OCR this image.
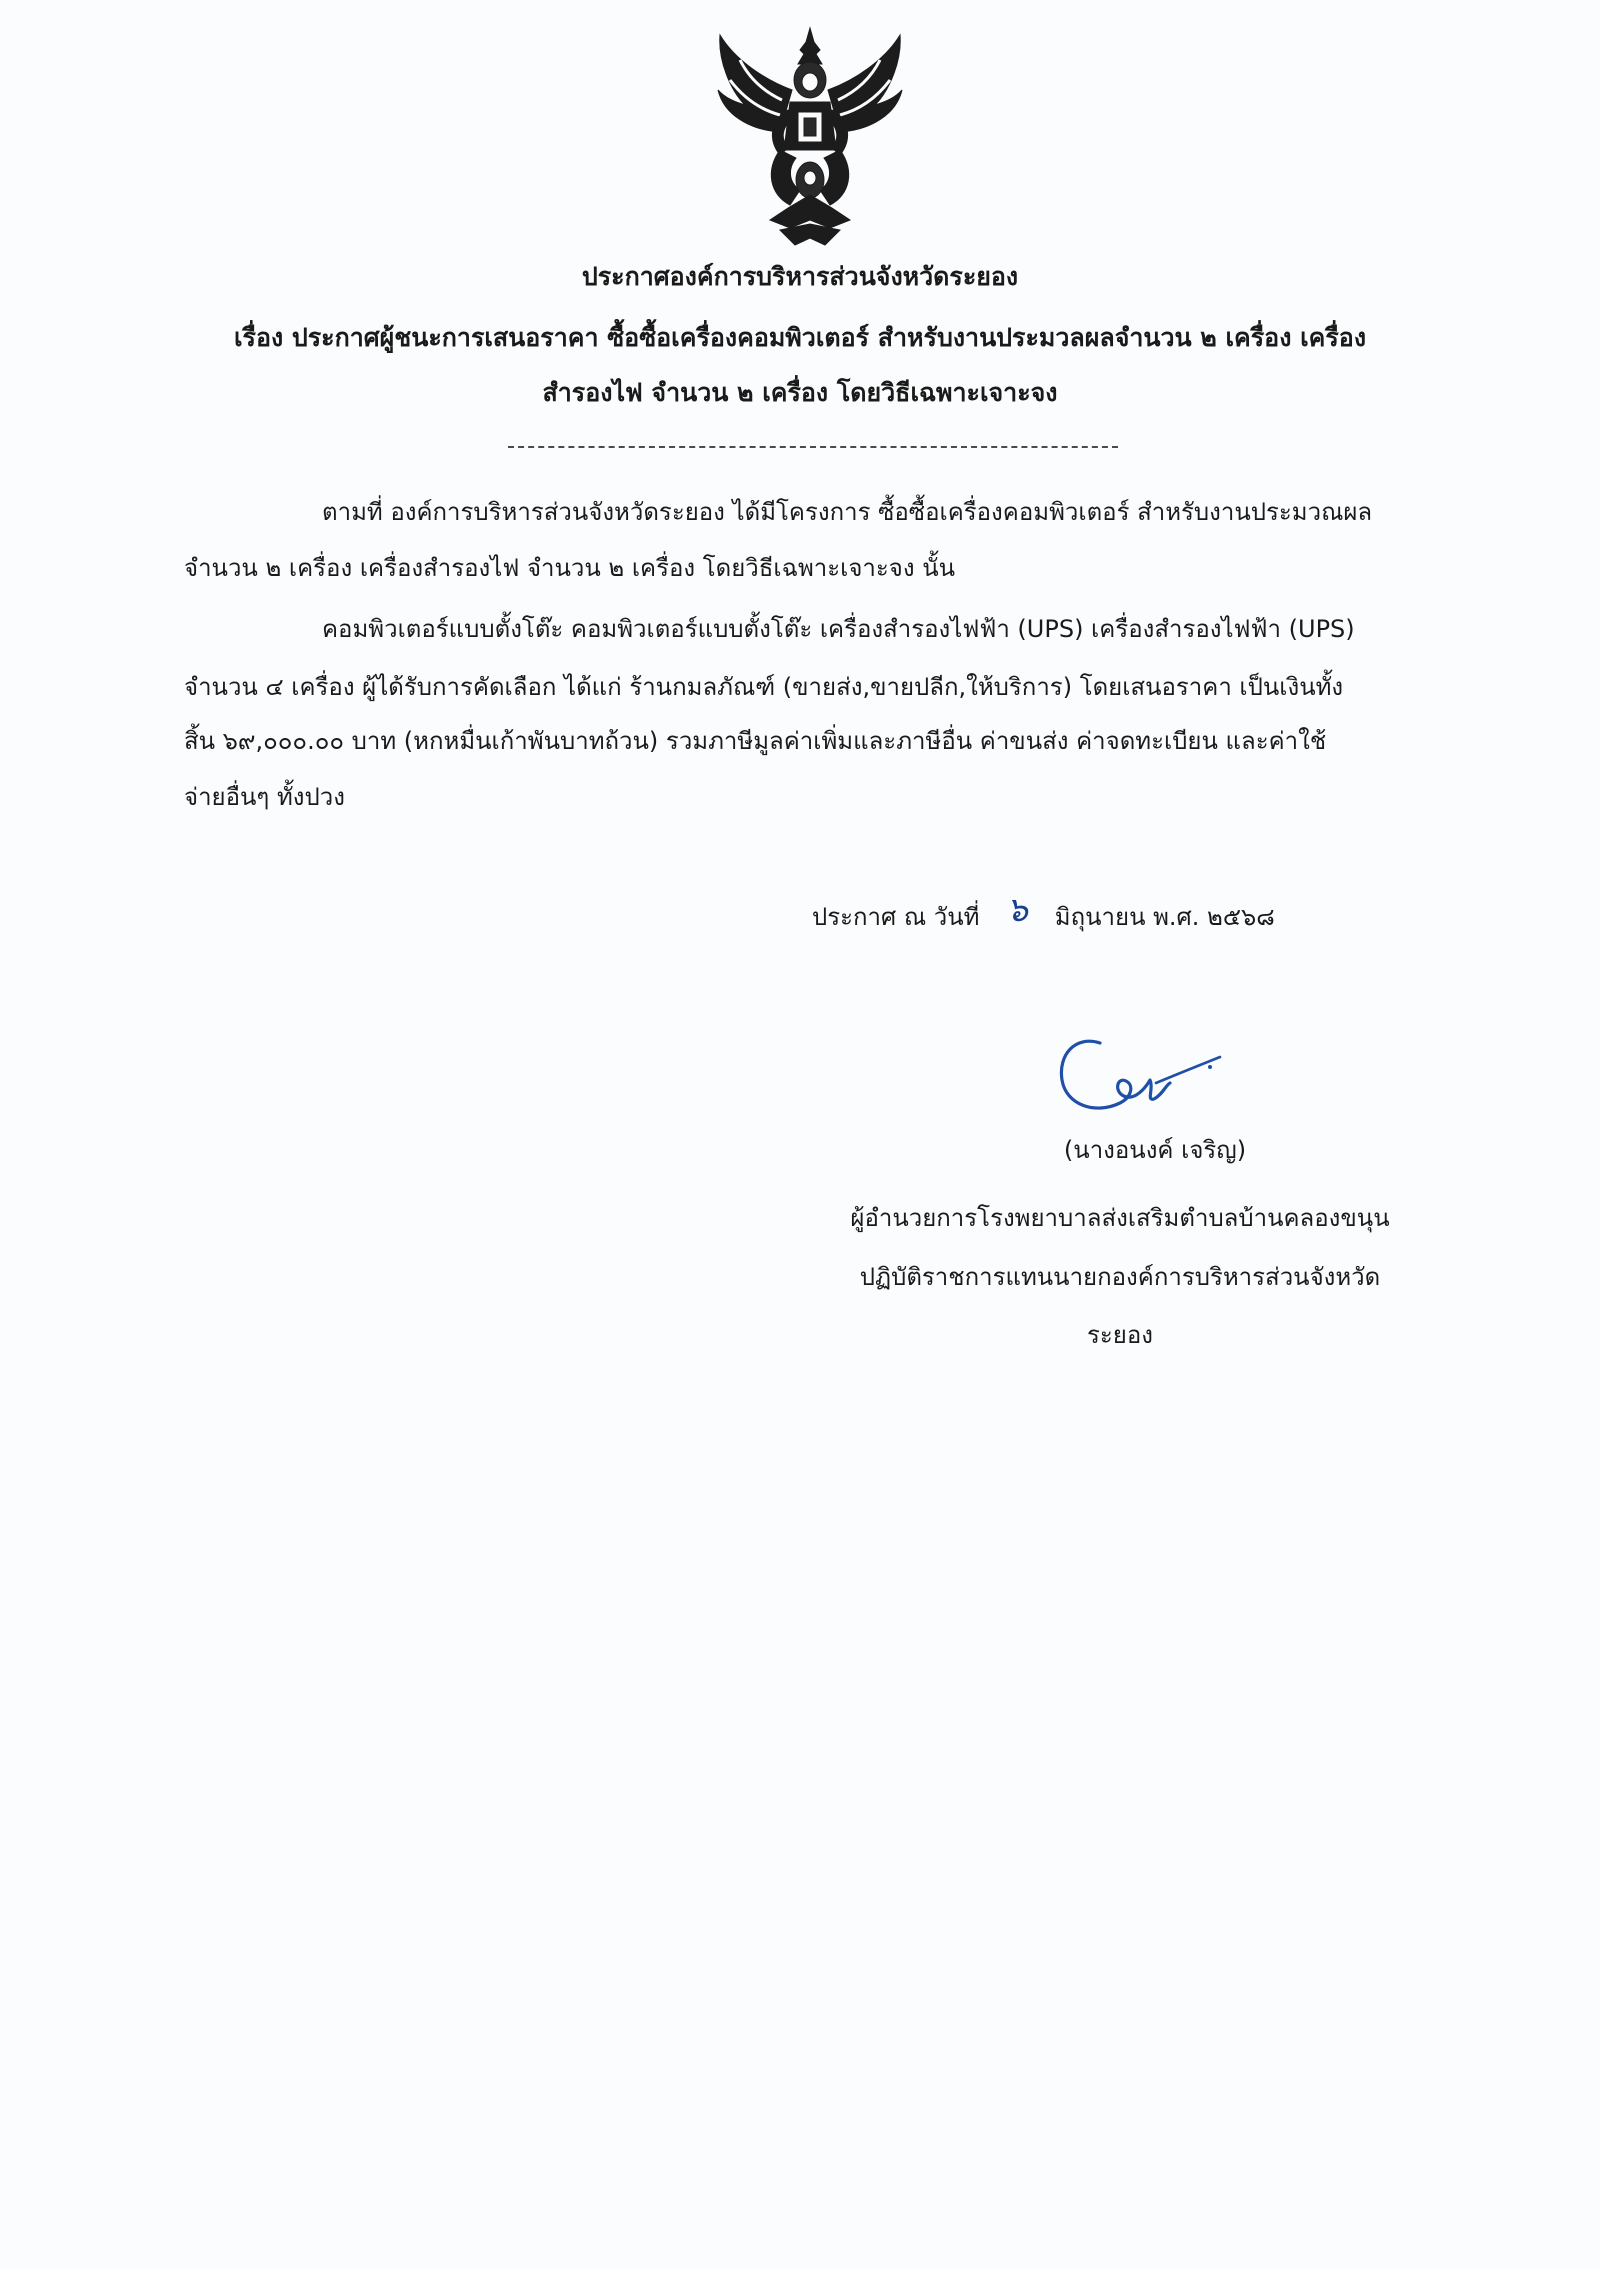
ประกาศองค์การบริหารส่วนจังหวัดระยอง
เรื่อง ประกาศผู้ชนะการเสนอราคา ซื้อซื้อเครื่องคอมพิวเตอร์ สำหรับงานประมวลผลจำนวน ๒ เครื่อง เครื่อง
สำรองไฟ จำนวน ๒ เครื่อง โดยวิธีเฉพาะเจาะจง
ตามที่ องค์การบริหารส่วนจังหวัดระยอง ได้มีโครงการ ซื้อซื้อเครื่องคอมพิวเตอร์ สำหรับงานประมวณผล
จำนวน ๒ เครื่อง เครื่องสำรองไฟ จำนวน ๒ เครื่อง โดยวิธีเฉพาะเจาะจง นั้น
คอมพิวเตอร์แบบตั้งโต๊ะ คอมพิวเตอร์แบบตั้งโต๊ะ เครื่องสำรองไฟฟ้า (UPS) เครื่องสำรองไฟฟ้า (UPS)
จำนวน ๔ เครื่อง ผู้ได้รับการคัดเลือก ได้แก่ ร้านกมลภัณฑ์ (ขายส่ง,ขายปลีก,ให้บริการ) โดยเสนอราคา เป็นเงินทั้ง
สิ้น ๖๙,๐๐๐.๐๐ บาท (หกหมื่นเก้าพันบาทถ้วน) รวมภาษีมูลค่าเพิ่มและภาษีอื่น ค่าขนส่ง ค่าจดทะเบียน และค่าใช้
จ่ายอื่นๆ ทั้งปวง
ประกาศ ณ วันที่ ๖ มิถุนายน พ.ศ. ๒๕๖๘
(นางอนงค์ เจริญ)
ผู้อำนวยการโรงพยาบาลส่งเสริมตำบลบ้านคลองขนุน
ปฏิบัติราชการแทนนายกองค์การบริหารส่วนจังหวัด
ระยอง
